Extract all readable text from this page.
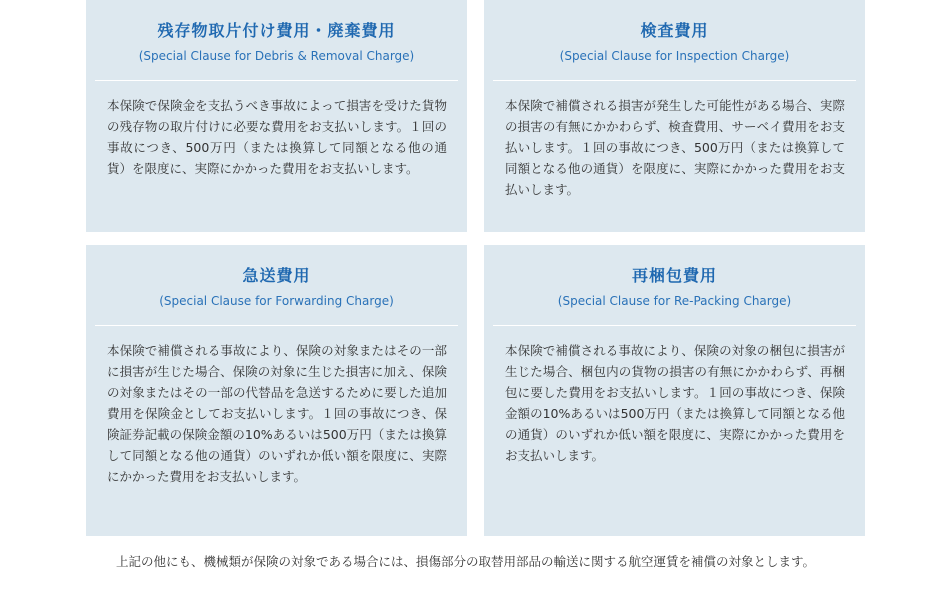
残存物取片付け費用・廃棄費用
(Special Clause for Debris & Removal Charge)
本保険で保険金を支払うべき事故によって損害を受けた貨物の残存物の取片付けに必要な費用をお支払いします。１回の事故につき、500万円（または換算して同額となる他の通貨）を限度に、実際にかかった費用をお支払いします。
検査費用
(Special Clause for Inspection Charge)
本保険で補償される損害が発生した可能性がある場合、実際の損害の有無にかかわらず、検査費用、サーベイ費用をお支払いします。１回の事故につき、500万円（または換算して同額となる他の通貨）を限度に、実際にかかった費用をお支払いします。
急送費用
(Special Clause for Forwarding Charge)
本保険で補償される事故により、保険の対象またはその一部に損害が生じた場合、保険の対象に生じた損害に加え、保険の対象またはその一部の代替品を急送するために要した追加費用を保険金としてお支払いします。１回の事故につき、保険証券記載の保険金額の10%あるいは500万円（または換算して同額となる他の通貨）のいずれか低い額を限度に、実際にかかった費用をお支払いします。
再梱包費用
(Special Clause for Re-Packing Charge)
本保険で補償される事故により、保険の対象の梱包に損害が生じた場合、梱包内の貨物の損害の有無にかかわらず、再梱包に要した費用をお支払いします。１回の事故につき、保険金額の10%あるいは500万円（または換算して同額となる他の通貨）のいずれか低い額を限度に、実際にかかった費用をお支払いします。
上記の他にも、機械類が保険の対象である場合には、損傷部分の取替用部品の輸送に関する航空運賃を補償の対象とします。
